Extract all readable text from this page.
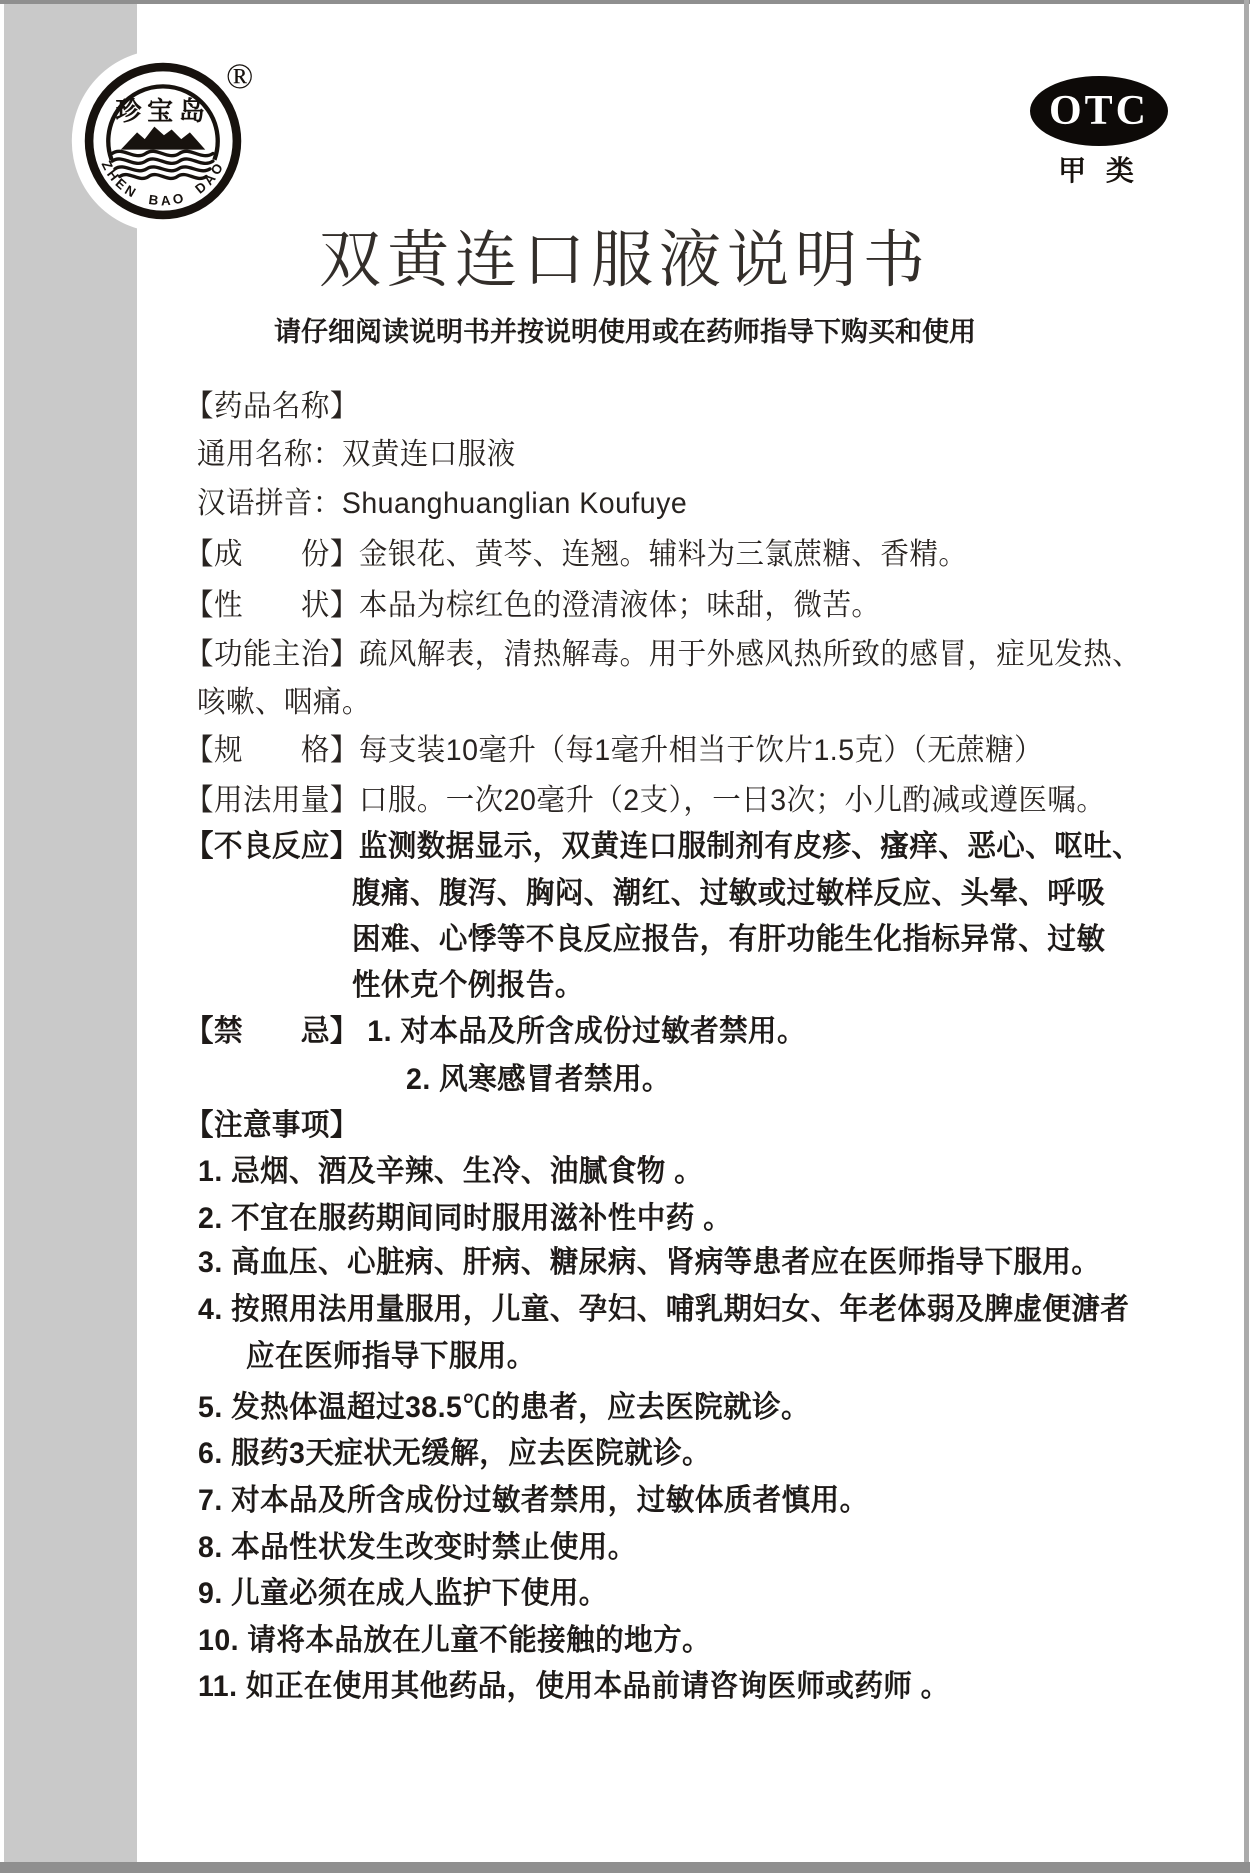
珍宝岛
ZHEN BAO DAO
®
OTC
甲 类
双黄连口服液说明书
请仔细阅读说明书并按说明使用或在药师指导下购买和使用
【药品名称】
通用名称：双黄连口服液
汉语拼音：Shuanghuanglian Koufuye
【成　　份】金银花、黄芩、连翘。辅料为三氯蔗糖、香精。
【性　　状】本品为棕红色的澄清液体；味甜，微苦。
【功能主治】疏风解表，清热解毒。用于外感风热所致的感冒，症见发热、
咳嗽、咽痛。
【规　　格】每支装10毫升（每1毫升相当于饮片1.5克）（无蔗糖）
【用法用量】口服。一次20毫升（2支），一日3次；小儿酌减或遵医嘱。
【不良反应】监测数据显示，双黄连口服制剂有皮疹、瘙痒、恶心、呕吐、
腹痛、腹泻、胸闷、潮红、过敏或过敏样反应、头晕、呼吸
困难、心悸等不良反应报告，有肝功能生化指标异常、过敏
性休克个例报告。
【禁　　忌】 1. 对本品及所含成份过敏者禁用。
2. 风寒感冒者禁用。
【注意事项】
1. 忌烟、酒及辛辣、生冷、油腻食物 。
2. 不宜在服药期间同时服用滋补性中药 。
3. 高血压、心脏病、肝病、糖尿病、肾病等患者应在医师指导下服用。
4. 按照用法用量服用，儿童、孕妇、哺乳期妇女、年老体弱及脾虚便溏者
应在医师指导下服用。
5. 发热体温超过38.5℃的患者，应去医院就诊。
6. 服药3天症状无缓解，应去医院就诊。
7. 对本品及所含成份过敏者禁用，过敏体质者慎用。
8. 本品性状发生改变时禁止使用。
9. 儿童必须在成人监护下使用。
10. 请将本品放在儿童不能接触的地方。
11. 如正在使用其他药品，使用本品前请咨询医师或药师 。
